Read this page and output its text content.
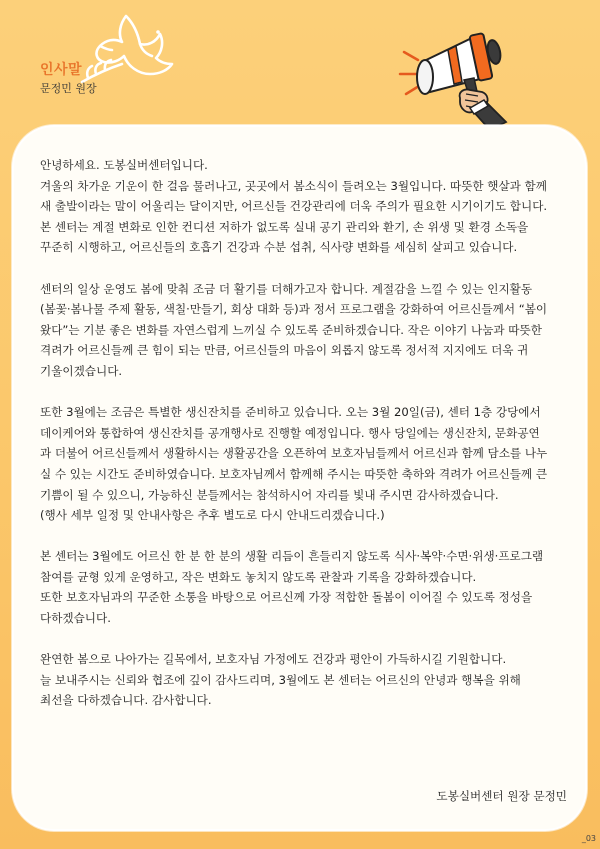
인사말
문정민 원장
안녕하세요. 도봉실버센터입니다.
겨울의 차가운 기운이 한 걸음 물러나고, 곳곳에서 봄소식이 들려오는 3월입니다. 따뜻한 햇살과 함께
새 출발이라는 말이 어울리는 달이지만, 어르신들 건강관리에 더욱 주의가 필요한 시기이기도 합니다.
본 센터는 계절 변화로 인한 컨디션 저하가 없도록 실내 공기 관리와 환기, 손 위생 및 환경 소독을
꾸준히 시행하고, 어르신들의 호흡기 건강과 수분 섭취, 식사량 변화를 세심히 살피고 있습니다.
센터의 일상 운영도 봄에 맞춰 조금 더 활기를 더해가고자 합니다. 계절감을 느낄 수 있는 인지활동
(봄꽃·봄나물 주제 활동, 색칠·만들기, 회상 대화 등)과 정서 프로그램을 강화하여 어르신들께서 “봄이
왔다”는 기분 좋은 변화를 자연스럽게 느끼실 수 있도록 준비하겠습니다. 작은 이야기 나눔과 따뜻한
격려가 어르신들께 큰 힘이 되는 만큼, 어르신들의 마음이 외롭지 않도록 정서적 지지에도 더욱 귀
기울이겠습니다.
또한 3월에는 조금은 특별한 생신잔치를 준비하고 있습니다. 오는 3월 20일(금), 센터 1층 강당에서
데이케어와 통합하여 생신잔치를 공개행사로 진행할 예정입니다. 행사 당일에는 생신잔치, 문화공연
과 더불어 어르신들께서 생활하시는 생활공간을 오픈하여 보호자님들께서 어르신과 함께 담소를 나누
실 수 있는 시간도 준비하였습니다. 보호자님께서 함께해 주시는 따뜻한 축하와 격려가 어르신들께 큰
기쁨이 될 수 있으니, 가능하신 분들께서는 참석하시어 자리를 빛내 주시면 감사하겠습니다.
(행사 세부 일정 및 안내사항은 추후 별도로 다시 안내드리겠습니다.)
본 센터는 3월에도 어르신 한 분 한 분의 생활 리듬이 흔들리지 않도록 식사·복약·수면·위생·프로그램
참여를 균형 있게 운영하고, 작은 변화도 놓치지 않도록 관찰과 기록을 강화하겠습니다.
또한 보호자님과의 꾸준한 소통을 바탕으로 어르신께 가장 적합한 돌봄이 이어질 수 있도록 정성을
다하겠습니다.
완연한 봄으로 나아가는 길목에서, 보호자님 가정에도 건강과 평안이 가득하시길 기원합니다.
늘 보내주시는 신뢰와 협조에 깊이 감사드리며, 3월에도 본 센터는 어르신의 안녕과 행복을 위해
최선을 다하겠습니다. 감사합니다.
도봉실버센터 원장 문정민
_03
